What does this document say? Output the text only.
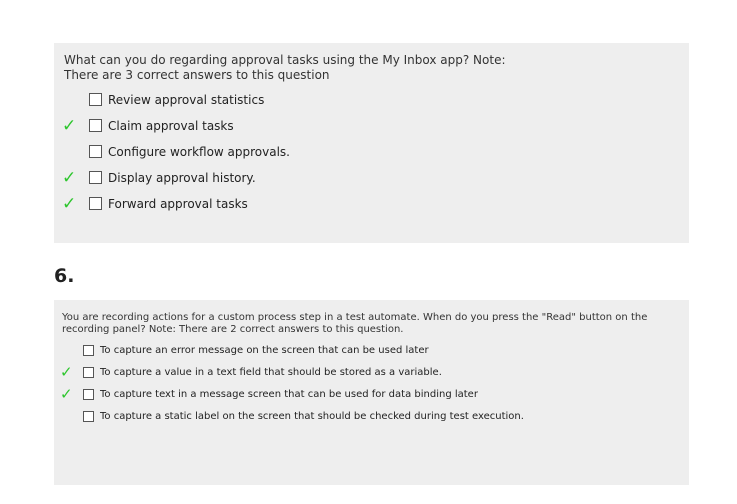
What can you do regarding approval tasks using the My Inbox app? Note:
There are 3 correct answers to this question

Review approval statistics
✓	Claim approval tasks
Configure workflow approvals.
✓	Display approval history.
✓	Forward approval tasks
6.

You are recording actions for a custom process step in a test automate. When do you press the "Read" button on the
recording panel? Note: There are 2 correct answers to this question.

To capture an error message on the screen that can be used later
✓	To capture a value in a text field that should be stored as a variable.
✓	To capture text in a message screen that can be used for data binding later
To capture a static label on the screen that should be checked during test execution.
